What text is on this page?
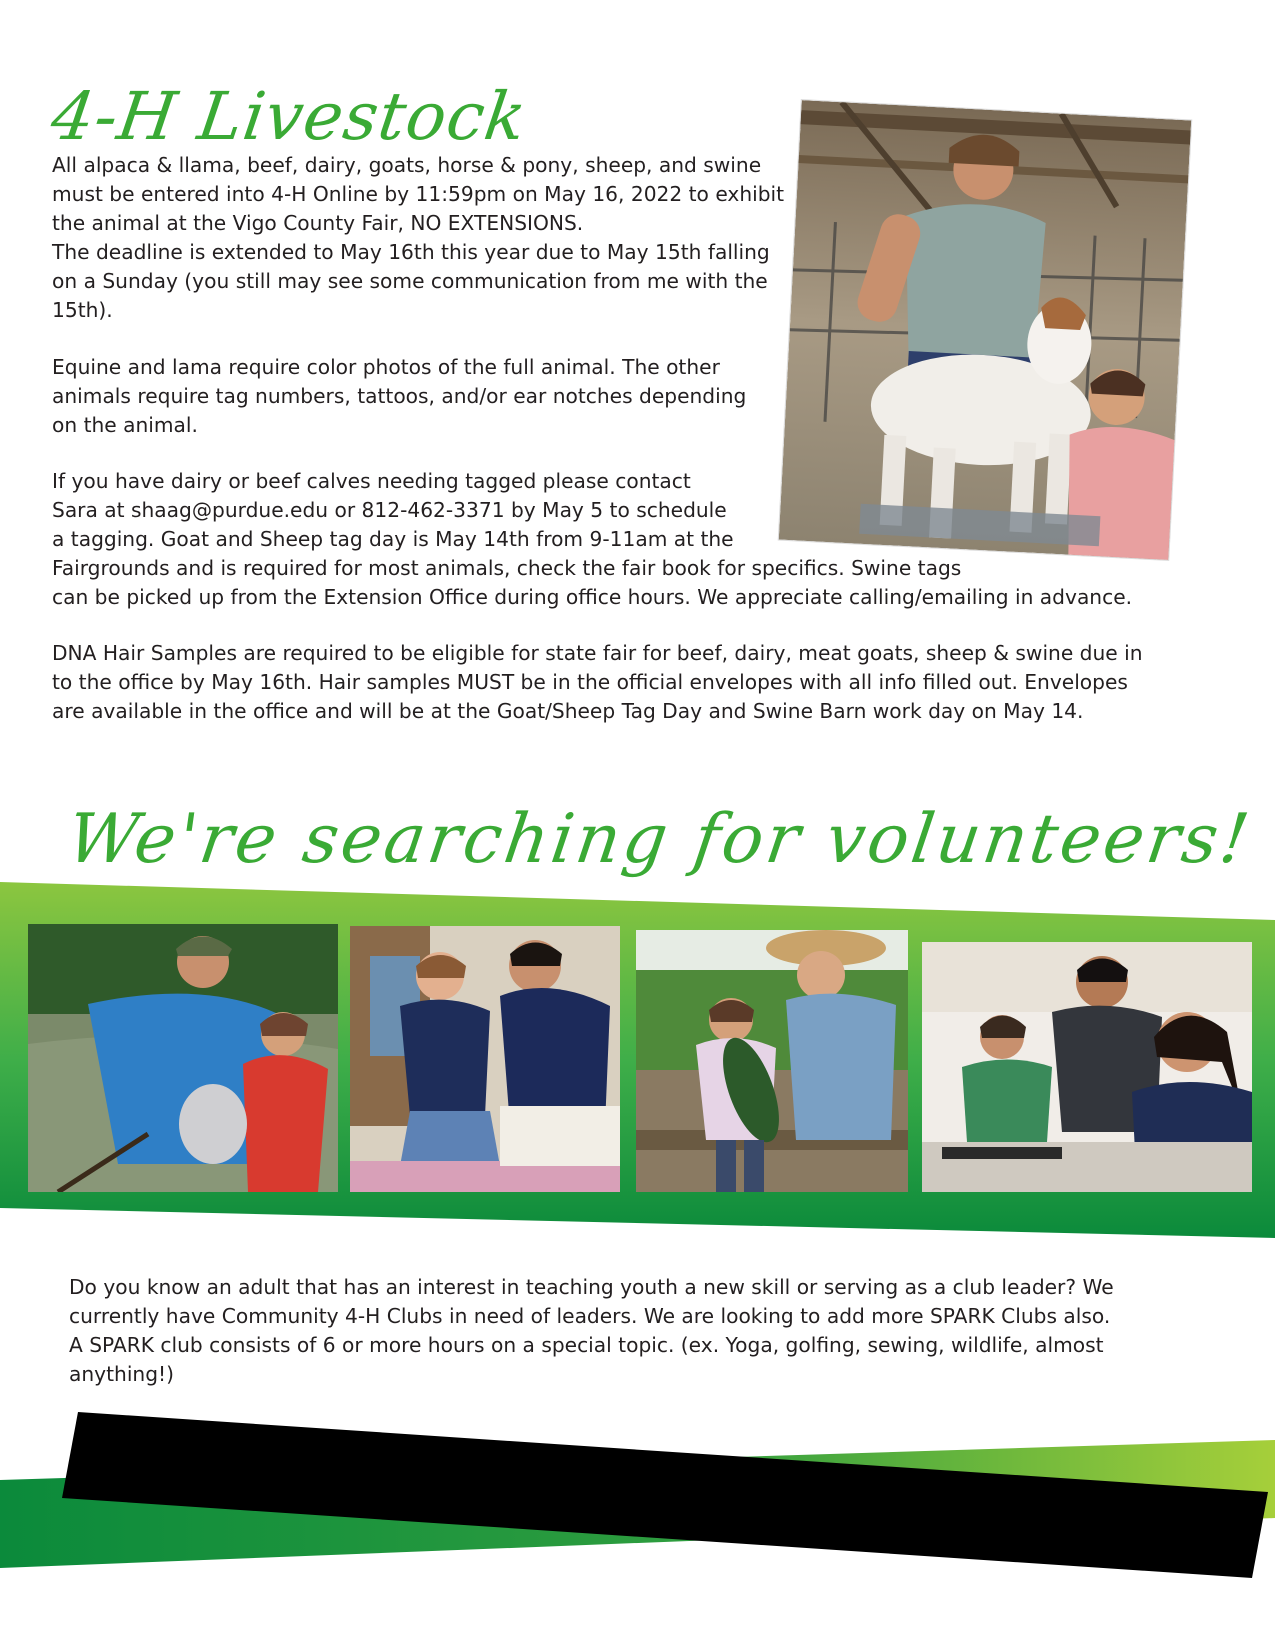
4-H Livestock

All alpaca & llama, beef, dairy, goats, horse & pony, sheep, and swine

must be entered into 4-H Online by 11:59pm on May 16, 2022 to exhibit

the animal at the Vigo County Fair, NO EXTENSIONS.

The deadline is extended to May 16th this year due to May 15th falling

on a Sunday (you still may see some communication from me with the

15th).

Equine and lama require color photos of the full animal. The other

animals require tag numbers, tattoos, and/or ear notches depending

on the animal.

If you have dairy or beef calves needing tagged please contact

Sara at shaag@purdue.edu or 812-462-3371 by May 5 to schedule

a tagging. Goat and Sheep tag day is May 14th from 9-11am at the

Fairgrounds and is required for most animals, check the fair book for specifics. Swine tags

can be picked up from the Extension Office during office hours. We appreciate calling/emailing in advance.

DNA Hair Samples are required to be eligible for state fair for beef, dairy, meat goats, sheep & swine due in

to the office by May 16th. Hair samples MUST be in the official envelopes with all info filled out. Envelopes

are available in the office and will be at the Goat/Sheep Tag Day and Swine Barn work day on May 14.

We're searching for volunteers!

Do you know an adult that has an interest in teaching youth a new skill or serving as a club leader? We

currently have Community 4-H Clubs in need of leaders. We are looking to add more SPARK Clubs also.

A SPARK club consists of 6 or more hours on a special topic. (ex. Yoga, golfing, sewing, wildlife, almost

anything!)
